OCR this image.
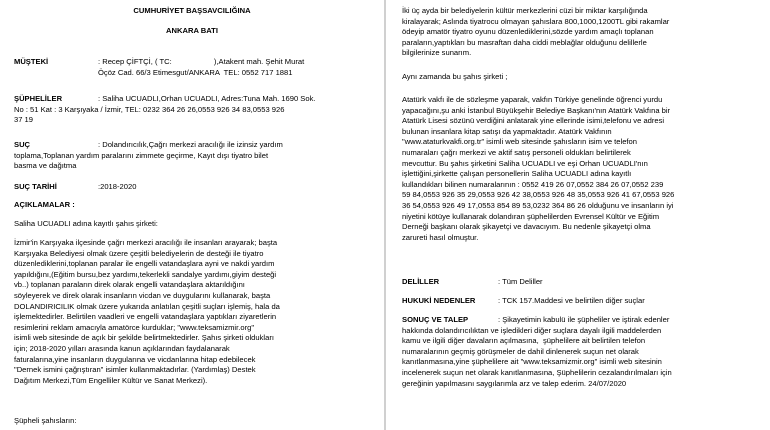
CUMHURİYET BAŞSAVCILIĞINA

ANKARA BATI

MÜŞTEKİ	: Recep ÇİFTÇİ, ( TC:                    ),Atakent mah. Şehit Murat
Öçöz Cad. 66/3 Etimesgut/ANKARA  TEL: 0552 717 1881
ŞÜPHELİLER	: Saliha UCUADLI,Orhan UCUADLI, Adres:Tuna Mah. 1690 Sok.
No : 51 Kat : 3 Karşıyaka / İzmir, TEL: 0232 364 26 26,0553 926 34 83,0553 926
37 19
SUÇ	: Dolandırıcılık,Çağrı merkezi aracılığı ile izinsiz yardım
toplama,Toplanan yardım paralarını zimmete geçirme, Kayıt dışı tiyatro bilet
basma ve dağıtma
SUÇ TARİHİ	:2018-2020
AÇIKLAMALAR :

Saliha UCUADLI adına kayıtlı şahıs şirketi:

İzmir'in Karşıyaka ilçesinde çağrı merkezi aracılığı ile insanları arayarak; başta
Karşıyaka Belediyesi olmak üzere çeşitli belediyelerin de desteği ile tiyatro
düzenlediklerini,toplanan paralar ile engelli vatandaşlara ayni ve nakdi yardım
yapıldığını,(Eğitim bursu,bez yardımı,tekerlekli sandalye yardımı,giyim desteği
vb..) toplanan paraların direk olarak engelli vatandaşlara aktarıldığını
söyleyerek ve direk olarak insanların vicdan ve duygularını kullanarak, başta
DOLANDIRICILIK olmak üzere yukarıda anlatılan çeşitli suçları işlemiş, hala da
işlemektedirler. Belirtilen vaadleri ve engelli vatandaşlara yaptıkları ziyaretlerin
resimlerini reklam amacıyla amatörce kurduklar; "www.teksamizmir.org"
isimli web sitesinde de açık bir şekilde belirtmektedirler. Şahıs şirketi oldukları
için; 2018-2020 yılları arasında kanun açıklarından faydalanarak
faturalarına,yine insanların duygularına ve vicdanlarına hitap edebilecek
"Dernek ismini çağrıştıran" isimler kullanmaktadırlar. (Yardımlaş) Destek
Dağıtım Merkezi,Tüm Engelliler Kültür ve Sanat Merkezi).

Şüpheli şahısların:

İki üç ayda bir belediyelerin kültür merkezlerini cüzi bir miktar karşılığında
kiralayarak; Aslında tiyatrocu olmayan şahıslara 800,1000,1200TL gibi rakamlar
ödeyip amatör tiyatro oyunu düzenlediklerini,sözde yardım amaçlı toplanan
paraların,yaptıkları bu masraftan daha ciddi meblağlar olduğunu delillerle
bilgilerinize sunarım.

Aynı zamanda bu şahıs şirketi ;

Atatürk vakfı ile de sözleşme yaparak, vakfın Türkiye genelinde öğrenci yurdu
yapacağını,şu anki İstanbul Büyükşehir Belediye Başkanı'nın Atatürk Vakfına bir
Atatürk Lisesi sözünü verdiğini anlatarak yine ellerinde isimi,telefonu ve adresi
bulunan insanlara kitap satışı da yapmaktadır. Atatürk Vakfının
"www.ataturkvakfi.org.tr" isimli web sitesinde şahısların isim ve telefon
numaraları çağrı merkezi ve aktif satış personeli oldukları belirtilerek
mevcuttur. Bu şahıs şirketini Saliha UCUADLI ve eşi Orhan UCUADLI'nın
işlettiğini,şirkette çalışan personellerin Saliha UCUADLI adına kayıtlı
kullandıkları bilinen numaralarının : 0552 419 26 07,0552 384 26 07,0552 239
59 84,0553 926 35 29,0553 926 42 38,0553 926 48 35,0553 926 41 67,0553 926
36 54,0553 926 49 17,0553 854 89 53,0232 364 86 26 olduğunu ve insanların iyi
niyetini kötüye kullanarak dolandıran şüphelilerden Evrensel Kültür ve Eğitim
Derneği başkanı olarak şikayetçi ve davacıyım. Bu nedenle şikayetçi olma
zarureti hasıl olmuştur.

DELİLLER	: Tüm Deliller
HUKUKİ NEDENLER	: TCK 157.Maddesi ve belirtilen diğer suçlar
SONUÇ VE TALEP	: Şikayetimin kabulü ile şüpheliler ve iştirak edenler
hakkında dolandırıcılıktan ve işledikleri diğer suçlara dayalı ilgili maddelerden
kamu ve ilgili diğer davaların açılmasına,  şüphelilere ait belirtilen telefon
numaralarının geçmiş görüşmeler de dahil dinlenerek suçun net olarak
kanıtlanmasına,yine şüphelilere ait "www.teksamizmir.org" isimli web sitesinin
incelenerek suçun net olarak kanıtlanmasına, Şüphelilerin cezalandırılmaları için
gereğinin yapılmasını saygılarımla arz ve talep ederim. 24/07/2020
